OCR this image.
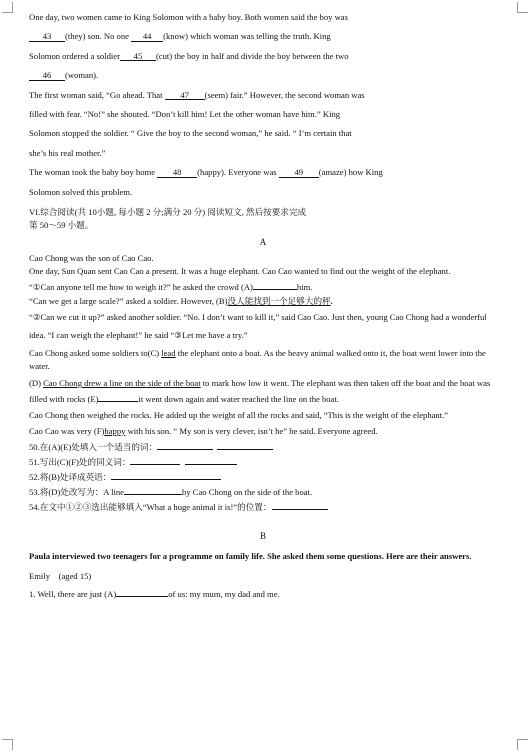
One day, two women came to King Solomon with a baby boy. Both women said the boy was

43 (they) son. No one 44 (know) which woman was telling the truth. King

Solomon ordered a soldier 45 (cut) the boy in half and divide the boy between the two

46 (woman).

The first woman said, “Go ahead. That 47 (seem) fair.” However, the second woman was

filled with fear. “No!” she shouted. “Don’t kill him! Let the other woman have him.” King

Solomon stopped the soldier. “ Give the boy to the second woman,” he said. “ I’m certain that

she’s his real mother.”

The woman took the baby boy home 48 (happy). Everyone was 49 (amaze) how King

Solomon solved this problem.

VI.综合阅读(共 10小题, 每小题 2 分;满分 20 分) 阅读短文, 然后按要求完成

第 50～59 小题。

A

Cao Chong was the son of Cao Cao.

One day, Sun Quan sent Cao Cao a present. It was a huge elephant. Cao Cao wanted to find out the weight of the elephant.

“①Can anyone tell me how to weigh it?” he asked the crowd (A)	him.

“Can we get a large scale?” asked a soldier. However, (B)没人能找到一个足够大的秤.

“②Can we cut it up?” asked another soldier. “No. I don’t want to kill it,” said Cao Cao. Just then, young Cao Chong had a wonderful idea. “I can weigh the elephant!” he said “③Let me have a try.”

Cao Chong asked some soldiers to(C) lead the elephant onto a boat. As the heavy animal walked onto it, the boat went lower into the water.

(D) Cao Chong drew a line on the side of the boat to mark how low it went. The elephant was then taken off the boat and the boat was filled with rocks (E)	it went down again and water reached the line on the boat.

Cao Chong then weighed the rocks. He added up the weight of all the rocks and said, “This is the weight of the elephant.”

Cao Cao was very (F)happy with his son. “ My son is very clever, isn’t he” he said. Everyone agreed.

50.在(A)(E)处填入一个适当的词：

51.写出(C)(F)处的同义词：

52.将(B)处译成英语：

53.将(D)处改写为：A line	by Cao Chong on the side of the boat.

54.在文中①②③选出能够填入“What a huge animal it is!”的位置：

B

Paula interviewed two teenagers for a programme on family life. She asked them some questions. Here are their answers.

Emily    (aged 15)

1. Well, there are just (A)	of us: my mum, my dad and me.
